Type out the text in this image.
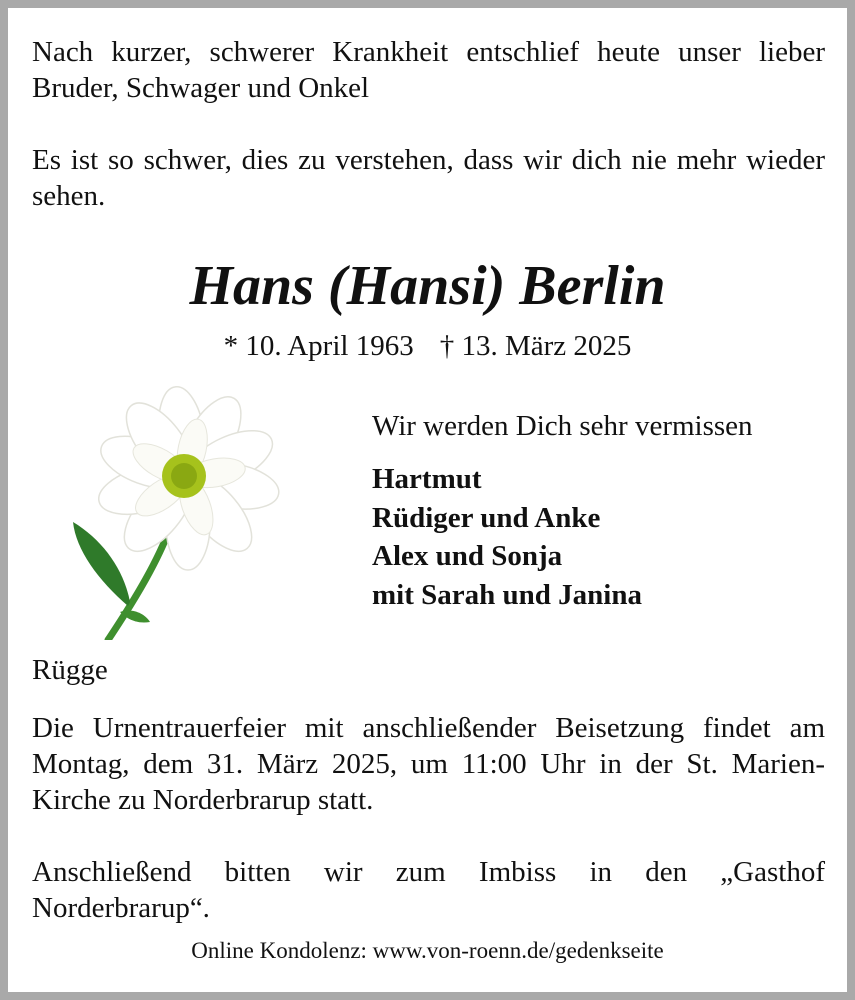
Nach kurzer, schwerer Krankheit entschlief heute unser lieber Bruder, Schwager und Onkel

Es ist so schwer, dies zu verstehen, dass wir dich nie mehr wieder sehen.

Hans (Hansi) Berlin
* 10. April 1963 † 13. März 2025
Wir werden Dich sehr vermissen
Hartmut
Rüdiger und Anke
Alex und Sonja
mit Sarah und Janina
Rügge

Die Urnentrauerfeier mit anschließender Beisetzung findet am Montag, dem 31. März 2025, um 11:00 Uhr in der St. Marien-Kirche zu Norderbrarup statt.

Anschließend bitten wir zum Imbiss in den „Gasthof Norderbrarup“.

Online Kondolenz: www.von-roenn.de/gedenkseite
